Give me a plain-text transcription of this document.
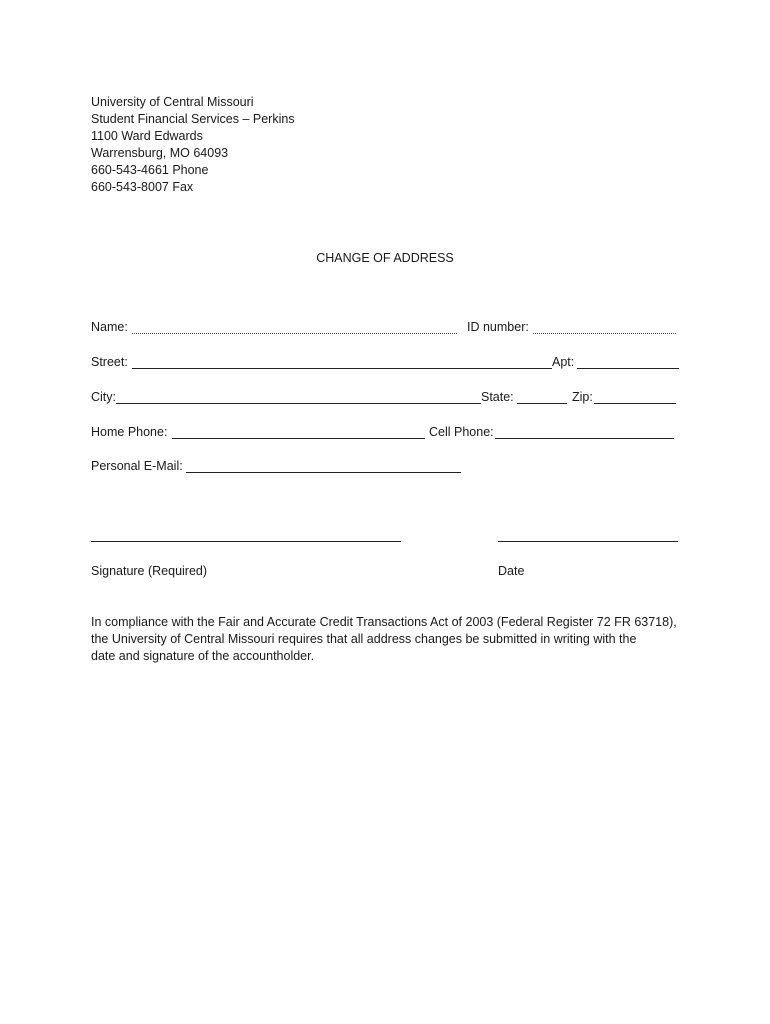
University of Central Missouri
Student Financial Services – Perkins
1100 Ward Edwards
Warrensburg, MO 64093
660-543-4661 Phone
660-543-8007 Fax
CHANGE OF ADDRESS
Name:	ID number:
Street:	Apt:
City:	State:	Zip:
Home Phone:	Cell Phone:
Personal E-Mail:
Signature (Required)	Date
In compliance with the Fair and Accurate Credit Transactions Act of 2003 (Federal Register 72 FR 63718),
the University of Central Missouri requires that all address changes be submitted in writing with the
date and signature of the accountholder.
